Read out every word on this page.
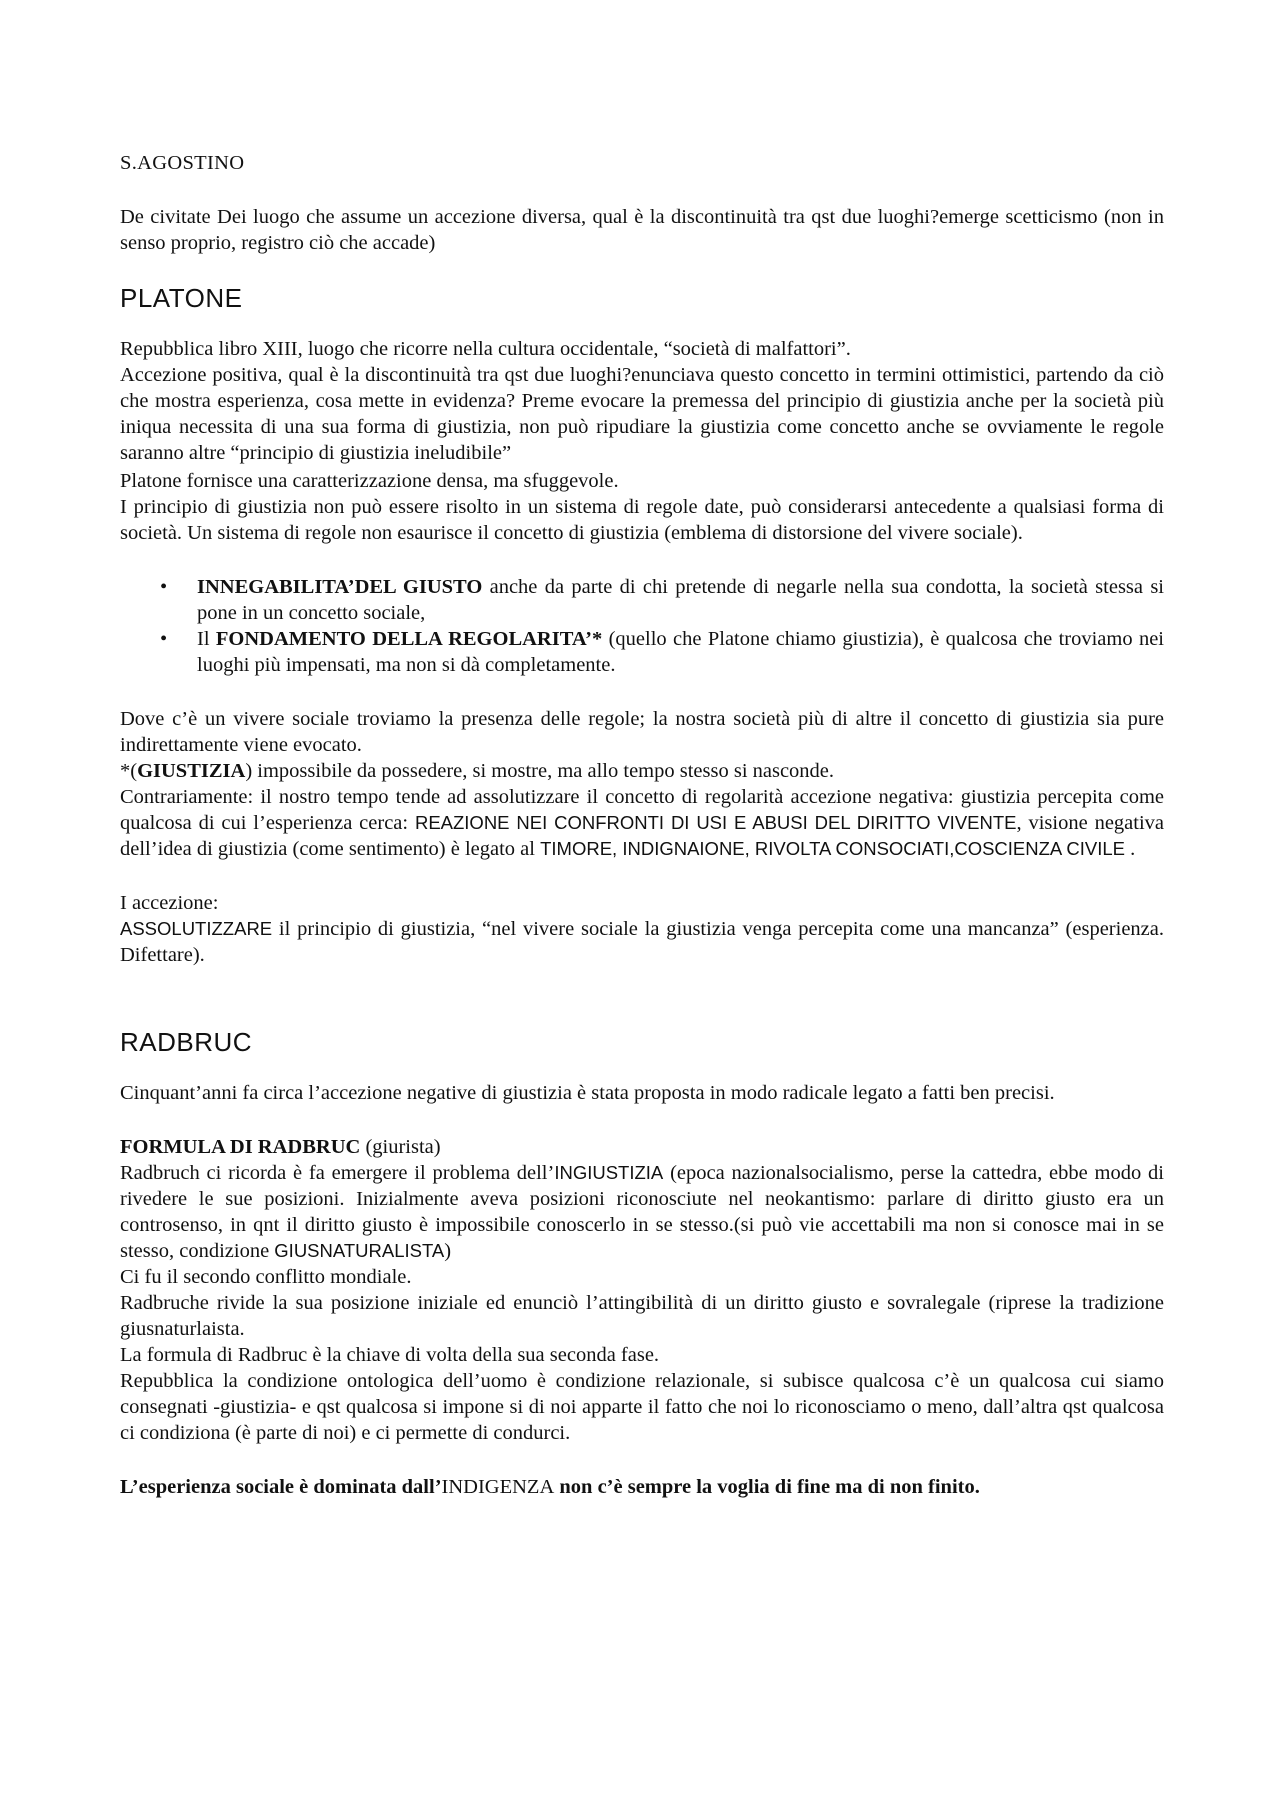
S.AGOSTINO

De civitate Dei luogo che assume un accezione diversa, qual è la discontinuità tra qst due luoghi?emerge scetticismo (non in senso proprio, registro ciò che accade)

PLATONE

Repubblica libro XIII, luogo che ricorre nella cultura occidentale, “società di malfattori”.

Accezione positiva, qual è la discontinuità tra qst due luoghi?enunciava questo concetto in termini ottimistici, partendo da ciò che mostra esperienza, cosa mette in evidenza? Preme evocare la premessa del principio di giustizia anche per la società più iniqua necessita di una sua forma di giustizia, non può ripudiare la giustizia come concetto anche se ovviamente le regole saranno altre “principio di giustizia ineludibile”

Platone fornisce una caratterizzazione densa, ma sfuggevole.

I principio di giustizia non può essere risolto in un sistema di regole date, può considerarsi antecedente a qualsiasi forma di società. Un sistema di regole non esaurisce il concetto di giustizia (emblema di distorsione del vivere sociale).

• INNEGABILITA’DEL GIUSTO anche da parte di chi pretende di negarle nella sua condotta, la società stessa si pone in un concetto sociale,
• Il FONDAMENTO DELLA REGOLARITA’* (quello che Platone chiamo giustizia), è qualcosa che troviamo nei luoghi più impensati, ma non si dà completamente.

Dove c’è un vivere sociale troviamo la presenza delle regole; la nostra società più di altre il concetto di giustizia sia pure indirettamente viene evocato.

*(GIUSTIZIA) impossibile da possedere, si mostre, ma allo tempo stesso si nasconde.

Contrariamente: il nostro tempo tende ad assolutizzare il concetto di regolarità accezione negativa: giustizia percepita come qualcosa di cui l’esperienza cerca: REAZIONE NEI CONFRONTI DI USI E ABUSI DEL DIRITTO VIVENTE, visione negativa dell’idea di giustizia (come sentimento) è legato al TIMORE, INDIGNAIONE, RIVOLTA CONSOCIATI,COSCIENZA CIVILE .

I accezione:

ASSOLUTIZZARE il principio di giustizia, “nel vivere sociale la giustizia venga percepita come una mancanza” (esperienza. Difettare).

RADBRUC

Cinquant’anni fa circa l’accezione negative di giustizia è stata proposta in modo radicale legato a fatti ben precisi.

FORMULA DI RADBRUC (giurista)

Radbruch ci ricorda è fa emergere il problema dell’INGIUSTIZIA (epoca nazionalsocialismo, perse la cattedra, ebbe modo di rivedere le sue posizioni. Inizialmente aveva posizioni riconosciute nel neokantismo: parlare di diritto giusto era un controsenso, in qnt il diritto giusto è impossibile conoscerlo in se stesso.(si può vie accettabili ma non si conosce mai in se stesso, condizione GIUSNATURALISTA)

Ci fu il secondo conflitto mondiale.

Radbruche rivide la sua posizione iniziale ed enunciò l’attingibilità di un diritto giusto e sovralegale (riprese la tradizione giusnaturlaista.

La formula di Radbruc è la chiave di volta della sua seconda fase.

Repubblica la condizione ontologica dell’uomo è condizione relazionale, si subisce qualcosa c’è un qualcosa cui siamo consegnati -giustizia- e qst qualcosa si impone si di noi apparte il fatto che noi lo riconosciamo o meno, dall’altra qst qualcosa ci condiziona (è parte di noi) e ci permette di condurci.

L’esperienza sociale è dominata dall’INDIGENZA non c’è sempre la voglia di fine ma di non finito.
